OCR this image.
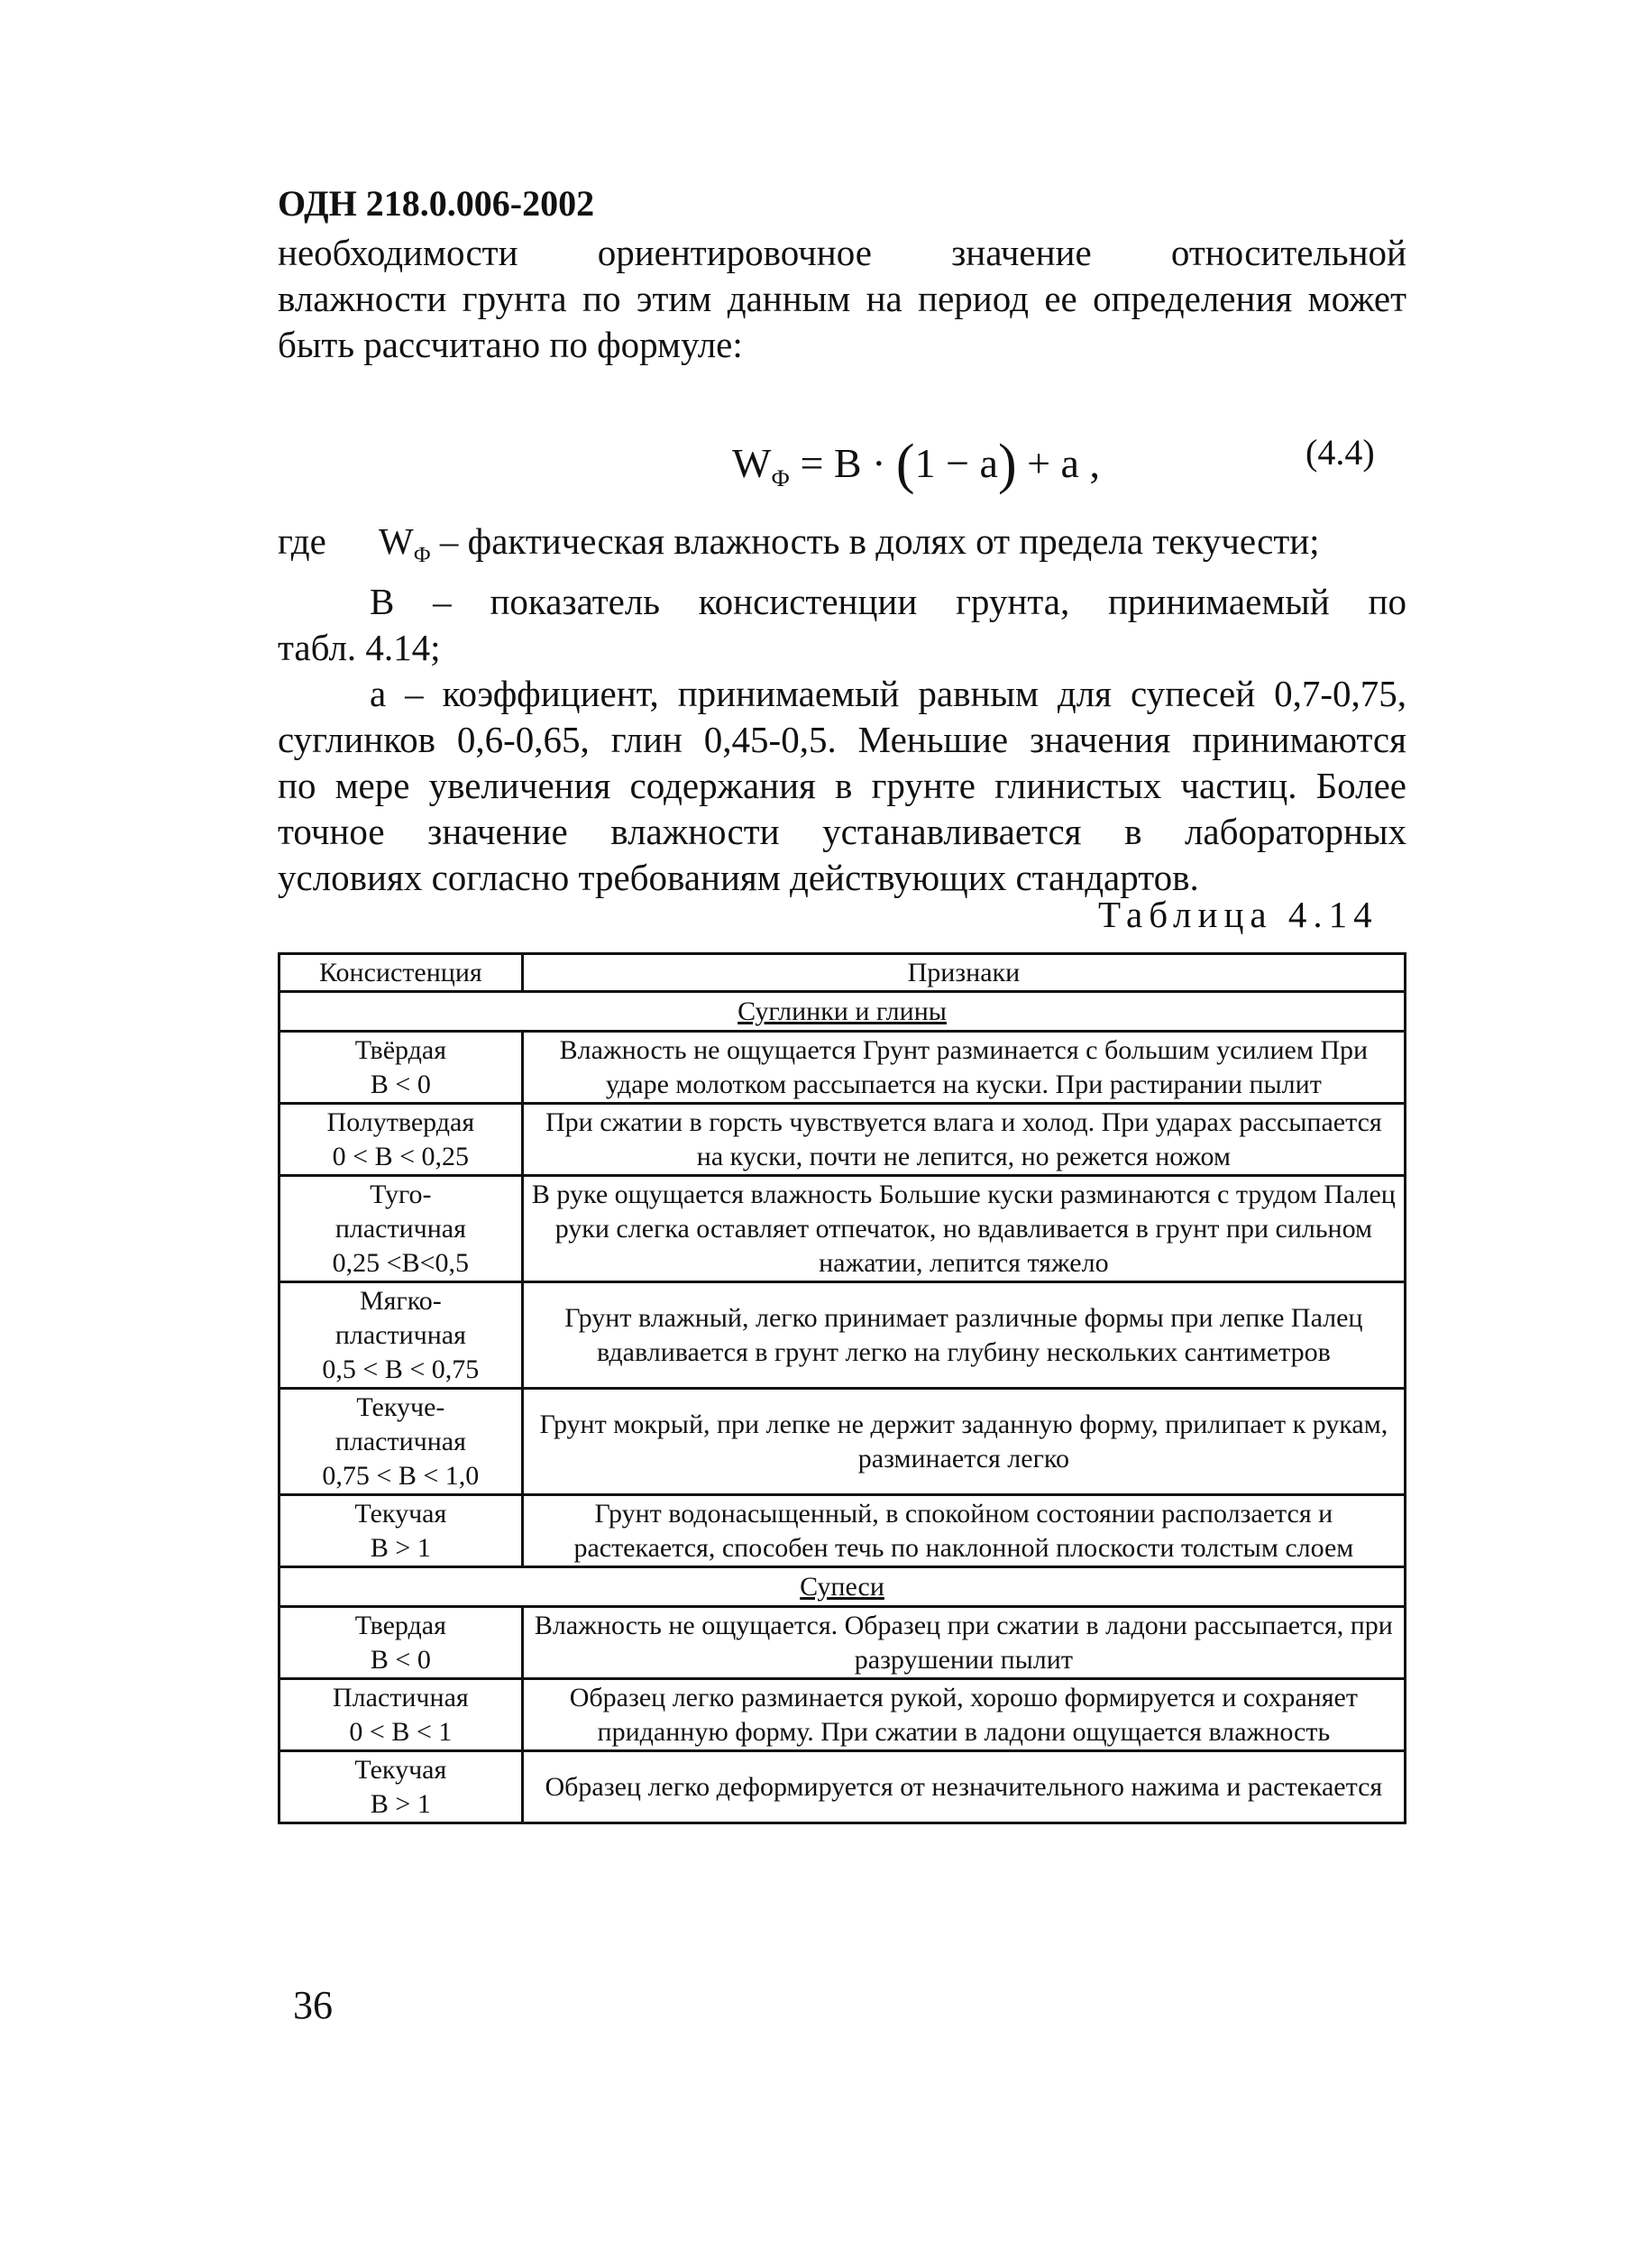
ОДН 218.0.006-2002
необходимости ориентировочное значение относительной
влажности грунта по этим данным на период ее определения может
быть рассчитано по формуле:
$W_Ф = B \cdot (1 - a) + a$ ,	(4.4)
где $W_Ф$ – фактическая влажность в долях от предела текучести;
B – показатель консистенции грунта, принимаемый по
табл. 4.14;
a – коэффициент, принимаемый равным для супесей 0,7-0,75,
суглинков 0,6-0,65, глин 0,45-0,5. Меньшие значения принимаются
по мере увеличения содержания в грунте глинистых частиц. Более
точное значение влажности устанавливается в лабораторных
условиях согласно требованиям действующих стандартов.
Таблица 4.14
Консистенция	Признаки
Суглинки и глины	
Твёрдая
B < 0	Влажность не ощущается Грунт разминается с большим усилием При ударе молотком рассыпается на куски. При растирании пылит
Полутвердая
0 < B < 0,25	При сжатии в горсть чувствуется влага и холод. При ударах рассыпается на куски, почти не лепится, но режется ножом
Туго-
пластичная
0,25 <B<0,5	В руке ощущается влажность Большие куски разминаются с трудом Палец руки слегка оставляет отпечаток, но вдавливается в грунт при сильном нажатии, лепится тяжело
Мягко-
пластичная
0,5 < B < 0,75	Грунт влажный, легко принимает различные формы при лепке Палец вдавливается в грунт легко на глубину нескольких сантиметров
Текуче-
пластичная
0,75 < B < 1,0	Грунт мокрый, при лепке не держит заданную форму, прилипает к рукам, разминается легко
Текучая
B > 1	Грунт водонасыщенный, в спокойном состоянии расползается и растекается, способен течь по наклонной плоскости толстым слоем
Супеси	
Твердая
B < 0	Влажность не ощущается. Образец при сжатии в ладони рассыпается, при разрушении пылит
Пластичная
0 < B < 1	Образец легко разминается рукой, хорошо формируется и сохраняет приданную форму. При сжатии в ладони ощущается влажность
Текучая
B > 1	Образец легко деформируется от незначительного нажима и растекается
36
